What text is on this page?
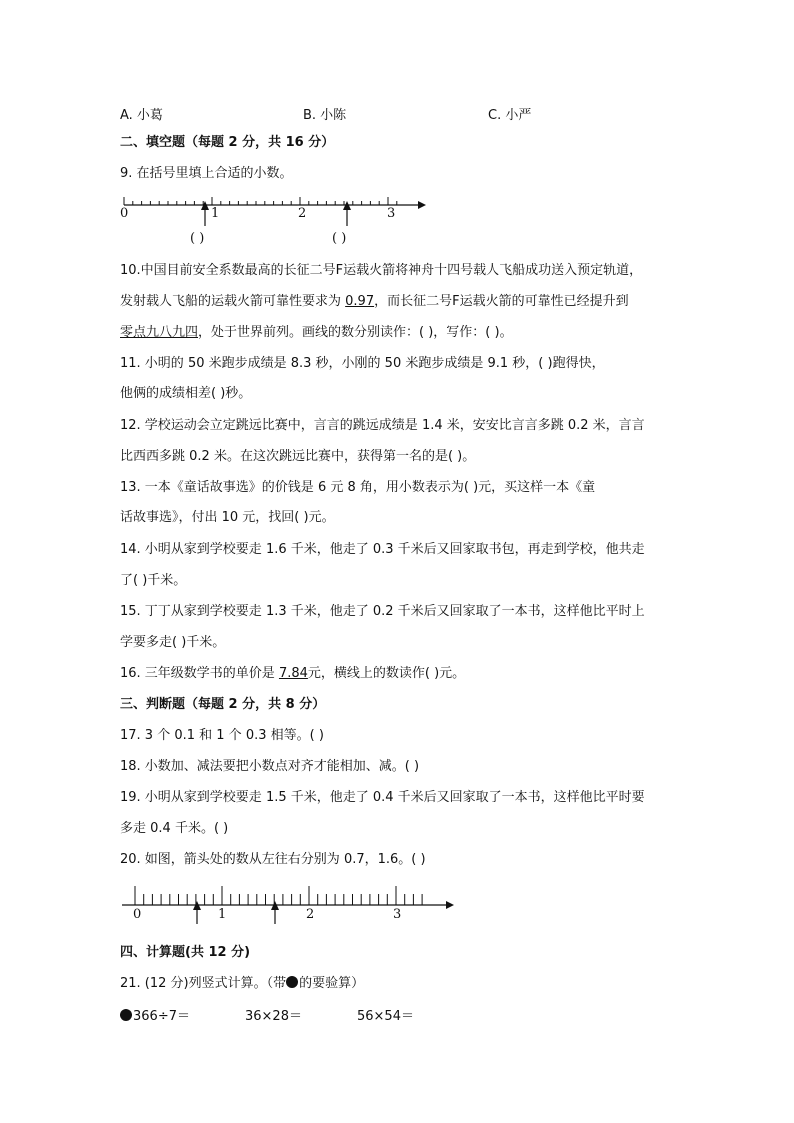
A. 小葛	B. 小陈	C. 小严
二、填空题（每题 2 分，共 16 分）
9. 在括号里填上合适的小数。
0	1	2	3
( )	( )
10.中国目前安全系数最高的长征二号F运载火箭将神舟十四号载人飞船成功送入预定轨道，
发射载人飞船的运载火箭可靠性要求为 0.97，而长征二号F运载火箭的可靠性已经提升到
零点九八九四，处于世界前列。画线的数分别读作：( )，写作：( )。
11. 小明的 50 米跑步成绩是 8.3 秒，小刚的 50 米跑步成绩是 9.1 秒，( )跑得快，
他俩的成绩相差( )秒。
12. 学校运动会立定跳远比赛中，言言的跳远成绩是 1.4 米，安安比言言多跳 0.2 米，言言
比西西多跳 0.2 米。在这次跳远比赛中，获得第一名的是( )。
13. 一本《童话故事选》的价钱是 6 元 8 角，用小数表示为( )元，买这样一本《童
话故事选》，付出 10 元，找回( )元。
14. 小明从家到学校要走 1.6 千米，他走了 0.3 千米后又回家取书包，再走到学校，他共走
了( )千米。
15. 丁丁从家到学校要走 1.3 千米，他走了 0.2 千米后又回家取了一本书，这样他比平时上
学要多走( )千米。
16. 三年级数学书的单价是 7.84元，横线上的数读作( )元。
三、判断题（每题 2 分，共 8 分）
17. 3 个 0.1 和 1 个 0.3 相等。( )
18. 小数加、减法要把小数点对齐才能相加、减。( )
19. 小明从家到学校要走 1.5 千米，他走了 0.4 千米后又回家取了一本书，这样他比平时要
多走 0.4 千米。( )
20. 如图，箭头处的数从左往右分别为 0.7，1.6。( )
0	1	2	3
四、计算题(共 12 分)
21. (12 分)列竖式计算。（带 的要验算）
366÷7＝	36×28＝	56×54＝
